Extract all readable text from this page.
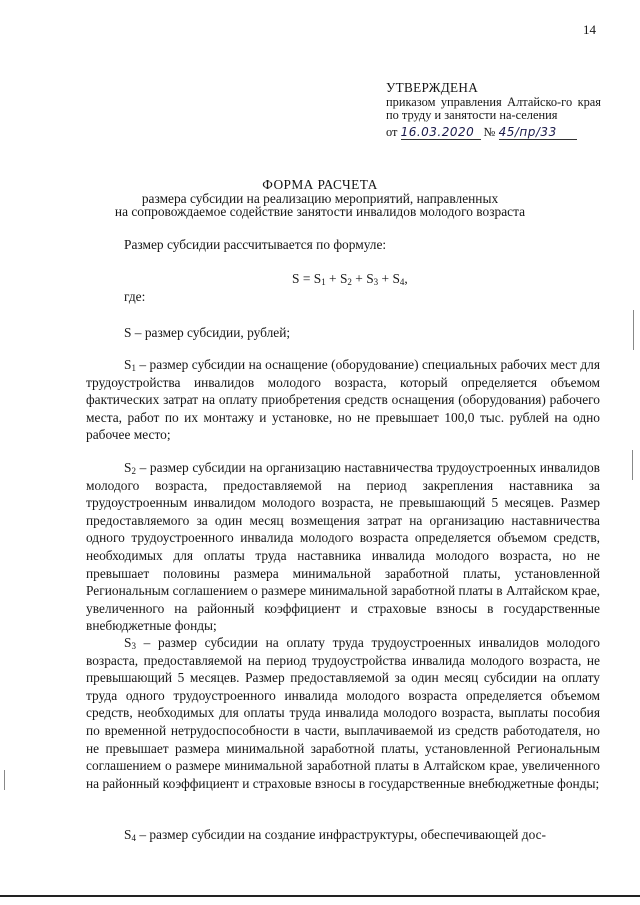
14
УТВЕРЖДЕНА
приказом управления Алтайско-го края по труду и занятости на-селения
от 16.03.2020 № 45/пр/33
ФОРМА РАСЧЕТА
размера субсидии на реализацию мероприятий, направленных
на сопровождаемое содействие занятости инвалидов молодого возраста
Размер субсидии рассчитывается по формуле:
$S = S_1 + S_2 + S_3 + S_4$,
где:
S – размер субсидии, рублей;
$S_1$ – размер субсидии на оснащение (оборудование) специальных рабочих мест для трудоустройства инвалидов молодого возраста, который определяется объемом фактических затрат на оплату приобретения средств оснащения (оборудования) рабочего места, работ по их монтажу и установке, но не превышает 100,0 тыс. рублей на одно рабочее место;
$S_2$ – размер субсидии на организацию наставничества трудоустроенных инвалидов молодого возраста, предоставляемой на период закрепления наставника за трудоустроенным инвалидом молодого возраста, не превышающий 5 месяцев. Размер предоставляемого за один месяц возмещения затрат на организацию наставничества одного трудоустроенного инвалида молодого возраста определяется объемом средств, необходимых для оплаты труда наставника инвалида молодого возраста, но не превышает половины размера минимальной заработной платы, установленной Региональным соглашением о размере минимальной заработной платы в Алтайском крае, увеличенного на районный коэффициент и страховые взносы в государственные внебюджетные фонды;
$S_3$ – размер субсидии на оплату труда трудоустроенных инвалидов молодого возраста, предоставляемой на период трудоустройства инвалида молодого возраста, не превышающий 5 месяцев. Размер предоставляемой за один месяц субсидии на оплату труда одного трудоустроенного инвалида молодого возраста определяется объемом средств, необходимых для оплаты труда инвалида молодого возраста, выплаты пособия по временной нетрудоспособности в части, выплачиваемой из средств работодателя, но не превышает размера минимальной заработной платы, установленной Региональным соглашением о размере минимальной заработной платы в Алтайском крае, увеличенного на районный коэффициент и страховые взносы в государственные внебюджетные фонды;
$S_4$ – размер субсидии на создание инфраструктуры, обеспечивающей дос-
